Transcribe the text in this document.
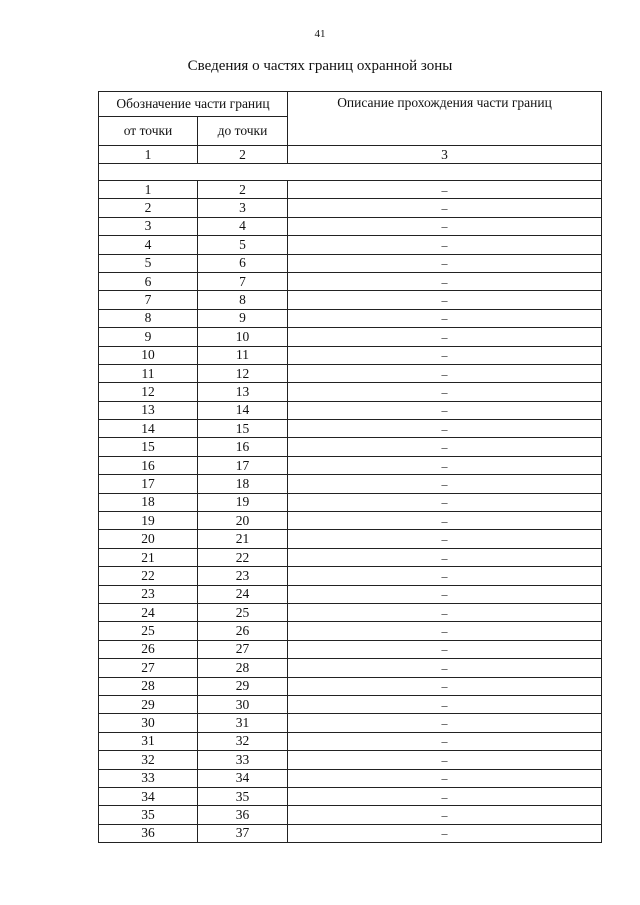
41
Сведения о частях границ охранной зоны
Обозначение части границ		Описание прохождения части границ
от точки	до точки	
1	2	3

1	2	–
2	3	–
3	4	–
4	5	–
5	6	–
6	7	–
7	8	–
8	9	–
9	10	–
10	11	–
11	12	–
12	13	–
13	14	–
14	15	–
15	16	–
16	17	–
17	18	–
18	19	–
19	20	–
20	21	–
21	22	–
22	23	–
23	24	–
24	25	–
25	26	–
26	27	–
27	28	–
28	29	–
29	30	–
30	31	–
31	32	–
32	33	–
33	34	–
34	35	–
35	36	–
36	37	–
